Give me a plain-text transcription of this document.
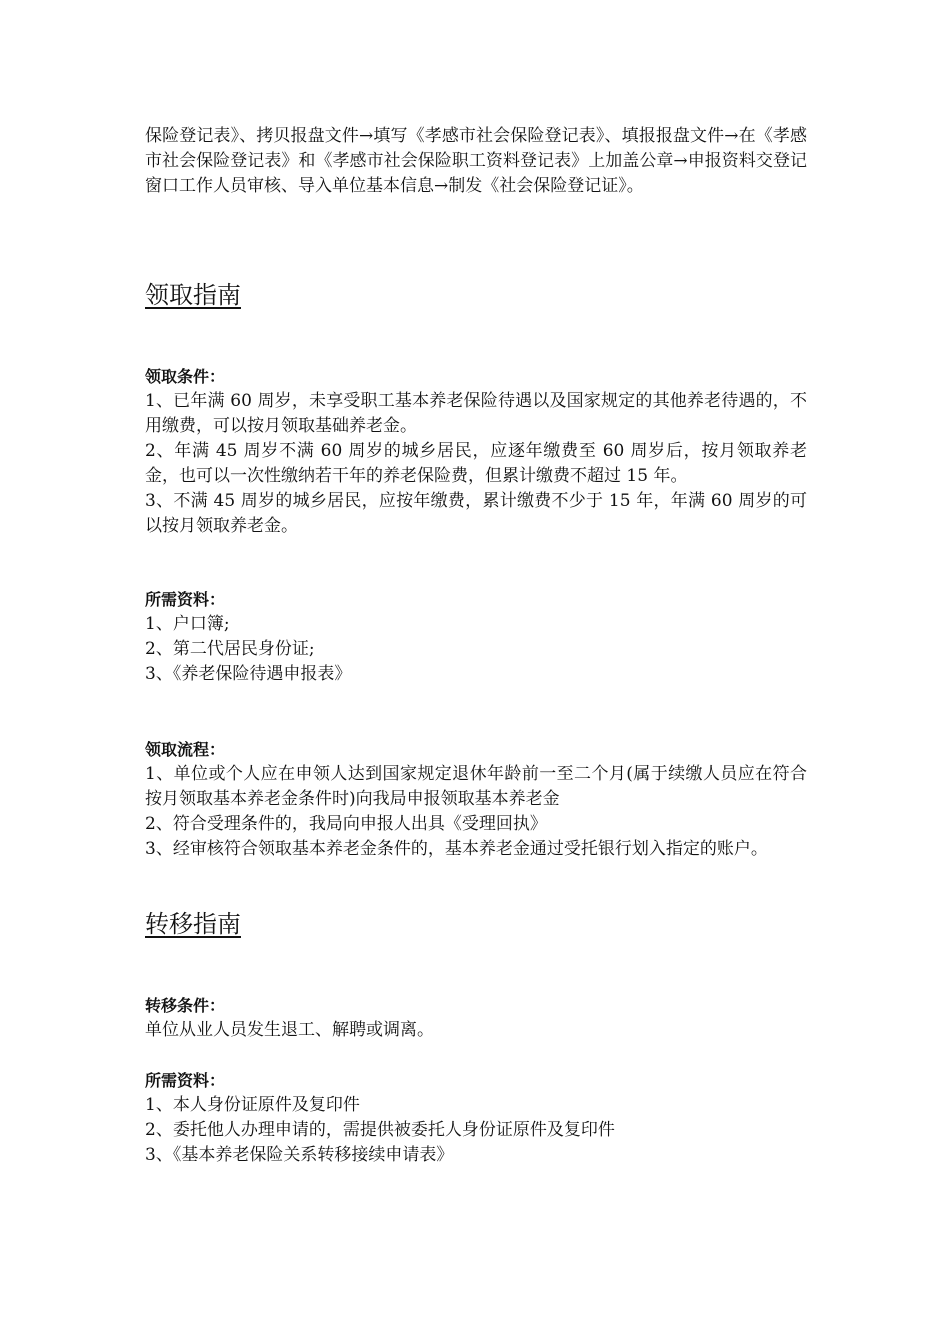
保险登记表》、拷贝报盘文件→填写《孝感市社会保险登记表》、填报报盘文件→在《孝感市社会保险登记表》和《孝感市社会保险职工资料登记表》上加盖公章→申报资料交登记窗口工作人员审核、导入单位基本信息→制发《社会保险登记证》。

领取指南

领取条件：

1、已年满 60 周岁，未享受职工基本养老保险待遇以及国家规定的其他养老待遇的，不用缴费，可以按月领取基础养老金。

2、年满 45 周岁不满 60 周岁的城乡居民，应逐年缴费至 60 周岁后，按月领取养老金，也可以一次性缴纳若干年的养老保险费，但累计缴费不超过 15 年。

3、不满 45 周岁的城乡居民，应按年缴费，累计缴费不少于 15 年，年满 60 周岁的可以按月领取养老金。

所需资料：

1、户口簿;

2、第二代居民身份证;

3、《养老保险待遇申报表》

领取流程：

1、单位或个人应在申领人达到国家规定退休年龄前一至二个月(属于续缴人员应在符合按月领取基本养老金条件时)向我局申报领取基本养老金

2、符合受理条件的，我局向申报人出具《受理回执》

3、经审核符合领取基本养老金条件的，基本养老金通过受托银行划入指定的账户。

转移指南

转移条件：

单位从业人员发生退工、解聘或调离。

所需资料：

1、本人身份证原件及复印件

2、委托他人办理申请的，需提供被委托人身份证原件及复印件

3、《基本养老保险关系转移接续申请表》
